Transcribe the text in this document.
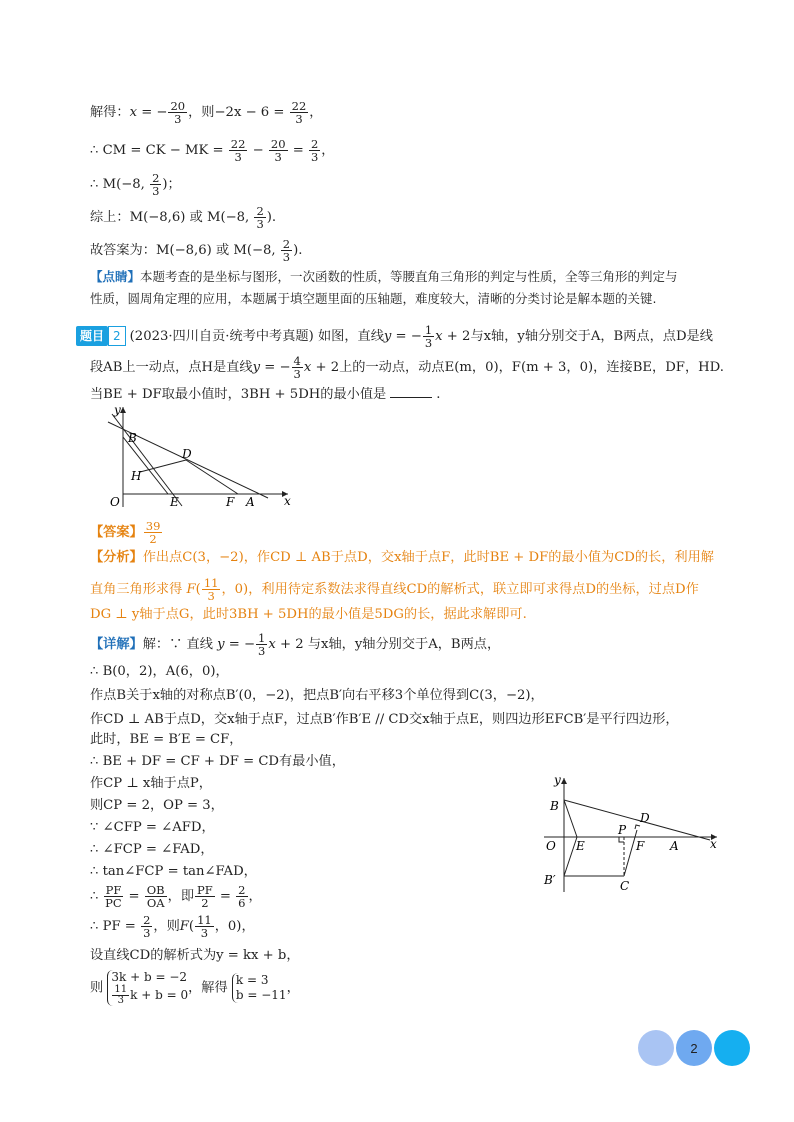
解得：x = − $\frac{20}{3}$ ，则$-2x - 6 = \frac{22}{3}$ ，
∴ CM = CK − MK = $\frac{22}{3} - \frac{20}{3} = \frac{2}{3}$ ，
∴ M(−8, $\frac{2}{3}$ )；
综上：M(−8,6) 或 M(−8, $\frac{2}{3}$ ).
故答案为：M(−8,6) 或 M(−8, $\frac{2}{3}$ ).
【点睛】本题考查的是坐标与图形，一次函数的性质，等腰直角三角形的判定与性质，全等三角形的判定与
性质，圆周角定理的应用，本题属于填空题里面的压轴题，难度较大，清晰的分类讨论是解本题的关键.
题目 2 (2023·四川自贡·统考中考真题) 如图，直线y = − $\frac{1}{3}$ x + 2与x轴，y轴分别交于A，B两点，点D是线
段AB上一动点，点H是直线y = − $\frac{4}{3}$ x + 2上的一动点，动点E(m，0)，F(m + 3，0)，连接BE，DF，HD.
当BE + DF取最小值时，3BH + 5DH的最小值是	.
y
x
B
D
H
O	E	F A
【答案】 $\frac{39}{2}$
【分析】作出点C(3，−2)，作CD ⊥ AB于点D，交x轴于点F，此时BE + DF的最小值为CD的长，利用解
直角三角形求得 $F( \frac{11}{3}$ ，0)，利用待定系数法求得直线CD的解析式，联立即可求得点D的坐标，过点D作
DG ⊥ y轴于点G，此时3BH + 5DH的最小值是5DG的长，据此求解即可.
【详解】解：∵ 直线 y = − $\frac{1}{3}$ x + 2 与x轴，y轴分别交于A，B两点，
∴ B(0，2)，A(6，0)，
作点B关于x轴的对称点B′(0，−2)，把点B′向右平移3个单位得到C(3，−2)，
作CD ⊥ AB于点D，交x轴于点F，过点B′作B′E // CD交x轴于点E，则四边形EFCB′是平行四边形，
此时，BE = B′E = CF，
∴ BE + DF = CF + DF = CD有最小值，
作CP ⊥ x轴于点P，
则CP = 2，OP = 3，
∵ ∠CFP = ∠AFD，
∴ ∠FCP = ∠FAD，
∴ tan∠FCP = tan∠FAD，
∴ $\frac{PF}{PC} = \frac{OB}{OA}$ ，即 $\frac{PF}{2} = \frac{2}{6}$ ，
∴ PF = $\frac{2}{3}$ ，则$F( \frac{11}{3}$ ，0)，
设直线CD的解析式为y = kx + b，
则
3k + b = −2
$\frac{11}{3}$ k + b = 0 ，解得
k = 3
b = −11 ，
y
x
B
D
P
O E	F A
B′	C
2
